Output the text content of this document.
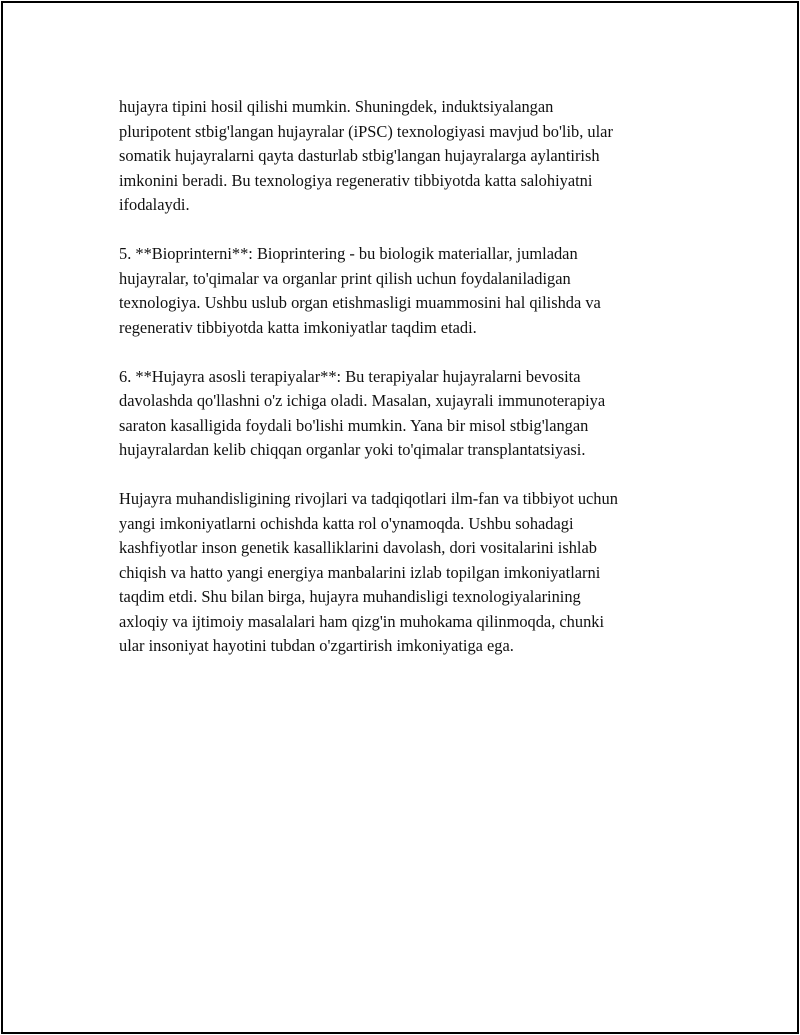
hujayra tipini hosil qilishi mumkin. Shuningdek, induktsiyalangan
pluripotent stbig'langan hujayralar (iPSC) texnologiyasi mavjud bo'lib, ular
somatik hujayralarni qayta dasturlab stbig'langan hujayralarga aylantirish
imkonini beradi. Bu texnologiya regenerativ tibbiyotda katta salohiyatni
ifodalaydi.

5. **Bioprinterni**: Bioprintering - bu biologik materiallar, jumladan
hujayralar, to'qimalar va organlar print qilish uchun foydalaniladigan
texnologiya. Ushbu uslub organ etishmasligi muammosini hal qilishda va
regenerativ tibbiyotda katta imkoniyatlar taqdim etadi.

6. **Hujayra asosli terapiyalar**: Bu terapiyalar hujayralarni bevosita
davolashda qo'llashni o'z ichiga oladi. Masalan, xujayrali immunoterapiya
saraton kasalligida foydali bo'lishi mumkin. Yana bir misol stbig'langan
hujayralardan kelib chiqqan organlar yoki to'qimalar transplantatsiyasi.

Hujayra muhandisligining rivojlari va tadqiqotlari ilm-fan va tibbiyot uchun
yangi imkoniyatlarni ochishda katta rol o'ynamoqda. Ushbu sohadagi
kashfiyotlar inson genetik kasalliklarini davolash, dori vositalarini ishlab
chiqish va hatto yangi energiya manbalarini izlab topilgan imkoniyatlarni
taqdim etdi. Shu bilan birga, hujayra muhandisligi texnologiyalarining
axloqiy va ijtimoiy masalalari ham qizg'in muhokama qilinmoqda, chunki
ular insoniyat hayotini tubdan o'zgartirish imkoniyatiga ega.
